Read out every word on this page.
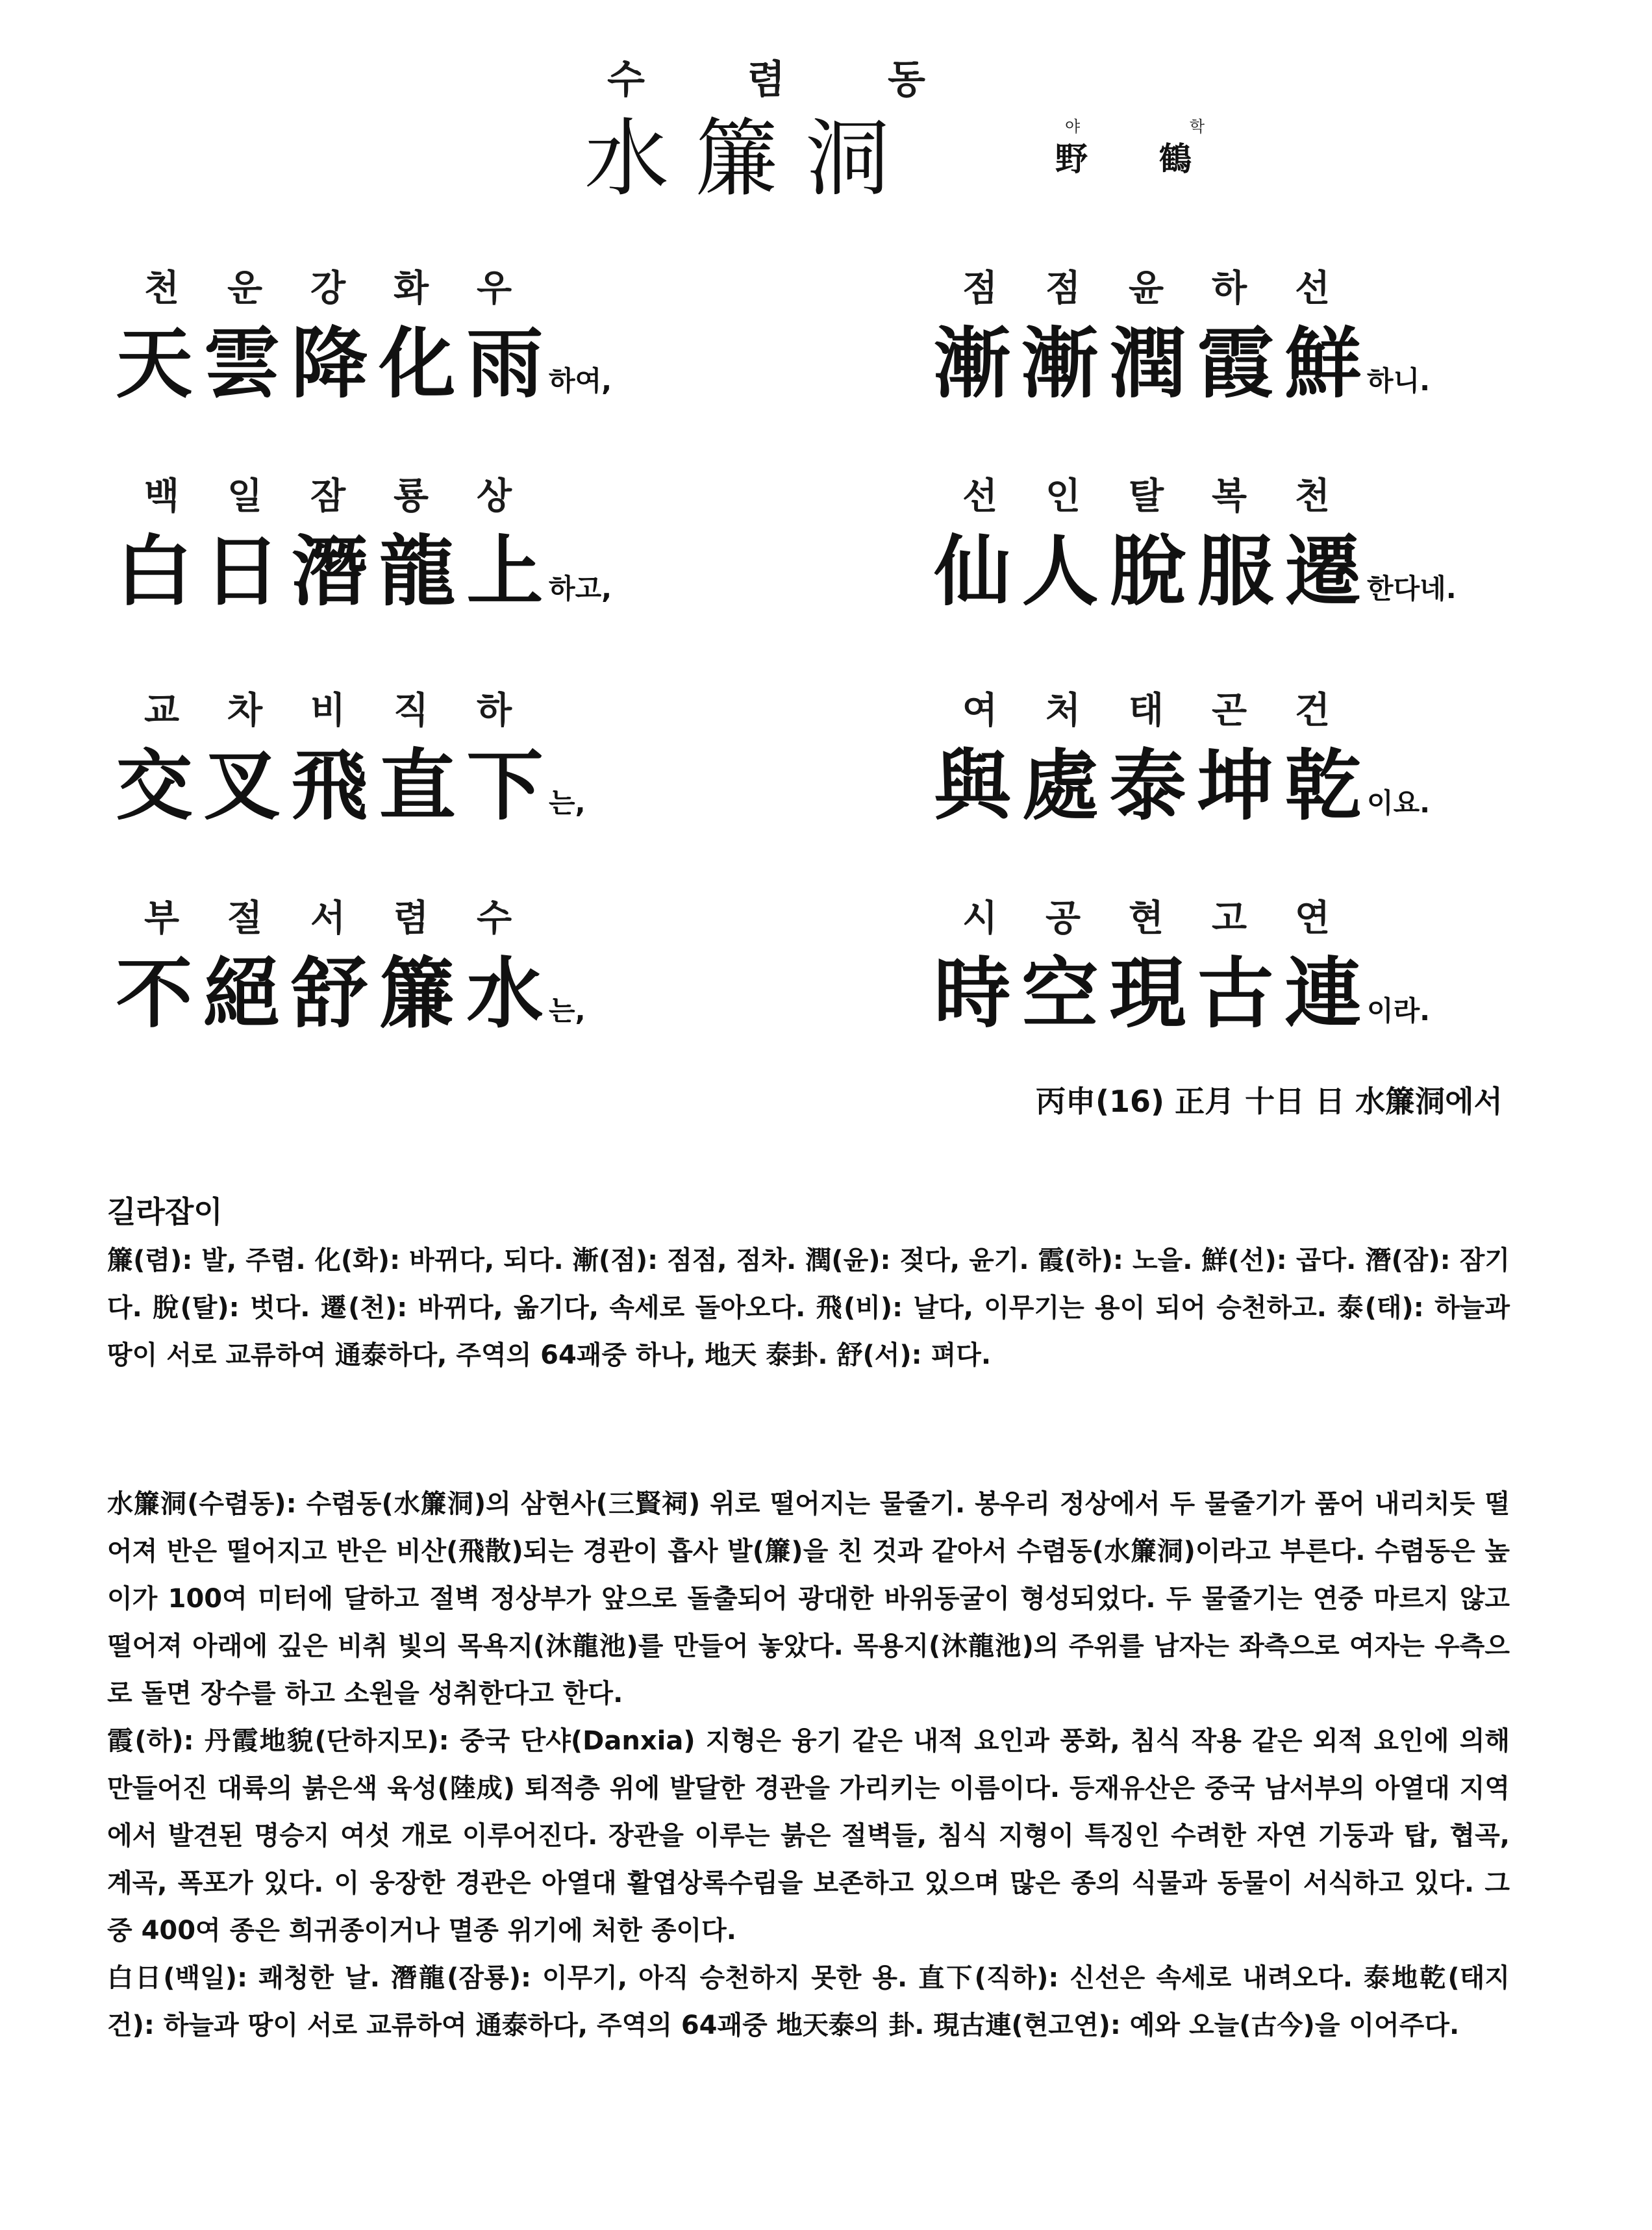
수	렴	동
水簾洞	야	학
野鶴
천	운	강	화	우
天 雲 降 化 雨 하여,
점	점	윤	하	선
漸 漸 潤 霞 鮮 하니.
백	일	잠	룡	상
白 日 潛 龍 上 하고,
선	인	탈	복	천
仙 人 脫 服 遷 한다네.
교	차	비	직	하
交 叉 飛 直 下 는,
여	처	태	곤	건
與 處 泰 坤 乾 이요.
부	절	서	렴	수
不 絕 舒 簾 水 는,
시	공	현	고	연
時 空 現 古 連 이라.
丙申(16) 正月 十日 日 水簾洞에서
길라잡이

簾(렴): 발, 주렴. 化(화): 바뀌다, 되다. 漸(점): 점점, 점차. 潤(윤): 젖다, 윤기. 霞(하): 노을. 鮮(선): 곱다. 潛(잠): 잠기다. 脫(탈): 벗다. 遷(천): 바뀌다, 옮기다, 속세로 돌아오다. 飛(비): 날다, 이무기는 용이 되어 승천하고. 泰(태): 하늘과 땅이 서로 교류하여 通泰하다, 주역의 64괘중 하나, 地天 泰卦. 舒(서): 펴다.

水簾洞(수렴동): 수렴동(水簾洞)의 삼현사(三賢祠) 위로 떨어지는 물줄기. 봉우리 정상에서 두 물줄기가 품어 내리치듯 떨어져 반은 떨어지고 반은 비산(飛散)되는 경관이 흡사 발(簾)을 친 것과 같아서 수렴동(水簾洞)이라고 부른다. 수렴동은 높이가 100여 미터에 달하고 절벽 정상부가 앞으로 돌출되어 광대한 바위동굴이 형성되었다. 두 물줄기는 연중 마르지 않고 떨어져 아래에 깊은 비취 빛의 목욕지(沐龍池)를 만들어 놓았다. 목용지(沐龍池)의 주위를 남자는 좌측으로 여자는 우측으로 돌면 장수를 하고 소원을 성취한다고 한다.

霞(하): 丹霞地貌(단하지모): 중국 단샤(Danxia) 지형은 융기 같은 내적 요인과 풍화, 침식 작용 같은 외적 요인에 의해 만들어진 대륙의 붉은색 육성(陸成) 퇴적층 위에 발달한 경관을 가리키는 이름이다. 등재유산은 중국 남서부의 아열대 지역에서 발견된 명승지 여섯 개로 이루어진다. 장관을 이루는 붉은 절벽들, 침식 지형이 특징인 수려한 자연 기둥과 탑, 협곡, 계곡, 폭포가 있다. 이 웅장한 경관은 아열대 활엽상록수림을 보존하고 있으며 많은 종의 식물과 동물이 서식하고 있다. 그중 400여 종은 희귀종이거나 멸종 위기에 처한 종이다.

白日(백일): 쾌청한 날. 潛龍(잠룡): 이무기, 아직 승천하지 못한 용. 直下(직하): 신선은 속세로 내려오다. 泰地乾(태지건): 하늘과 땅이 서로 교류하여 通泰하다, 주역의 64괘중 地天泰의 卦. 現古連(현고연): 예와 오늘(古今)을 이어주다.
